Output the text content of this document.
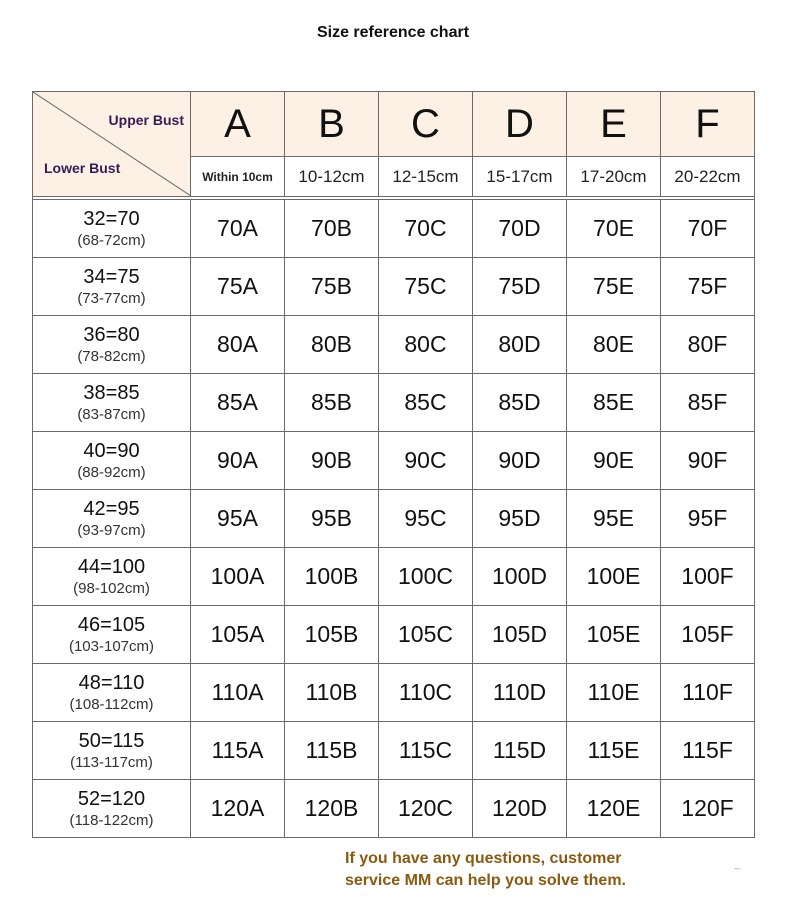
Size reference chart
Upper Bust
Lower Bust	A	B	C	D	E	F
	Within 10cm	10-12cm	12-15cm	15-17cm	17-20cm	20-22cm

32=70
(68-72cm)	70A	70B	70C	70D	70E	70F

34=75
(73-77cm)	75A	75B	75C	75D	75E	75F

36=80
(78-82cm)	80A	80B	80C	80D	80E	80F

38=85
(83-87cm)	85A	85B	85C	85D	85E	85F

40=90
(88-92cm)	90A	90B	90C	90D	90E	90F

42=95
(93-97cm)	95A	95B	95C	95D	95E	95F

44=100
(98-102cm)	100A	100B	100C	100D	100E	100F

46=105
(103-107cm)	105A	105B	105C	105D	105E	105F

48=110
(108-112cm)	110A	110B	110C	110D	110E	110F

50=115
(113-117cm)	115A	115B	115C	115D	115E	115F

52=120
(118-122cm)	120A	120B	120C	120D	120E	120F
If you have any questions, customer
service MM can help you solve them.
~
